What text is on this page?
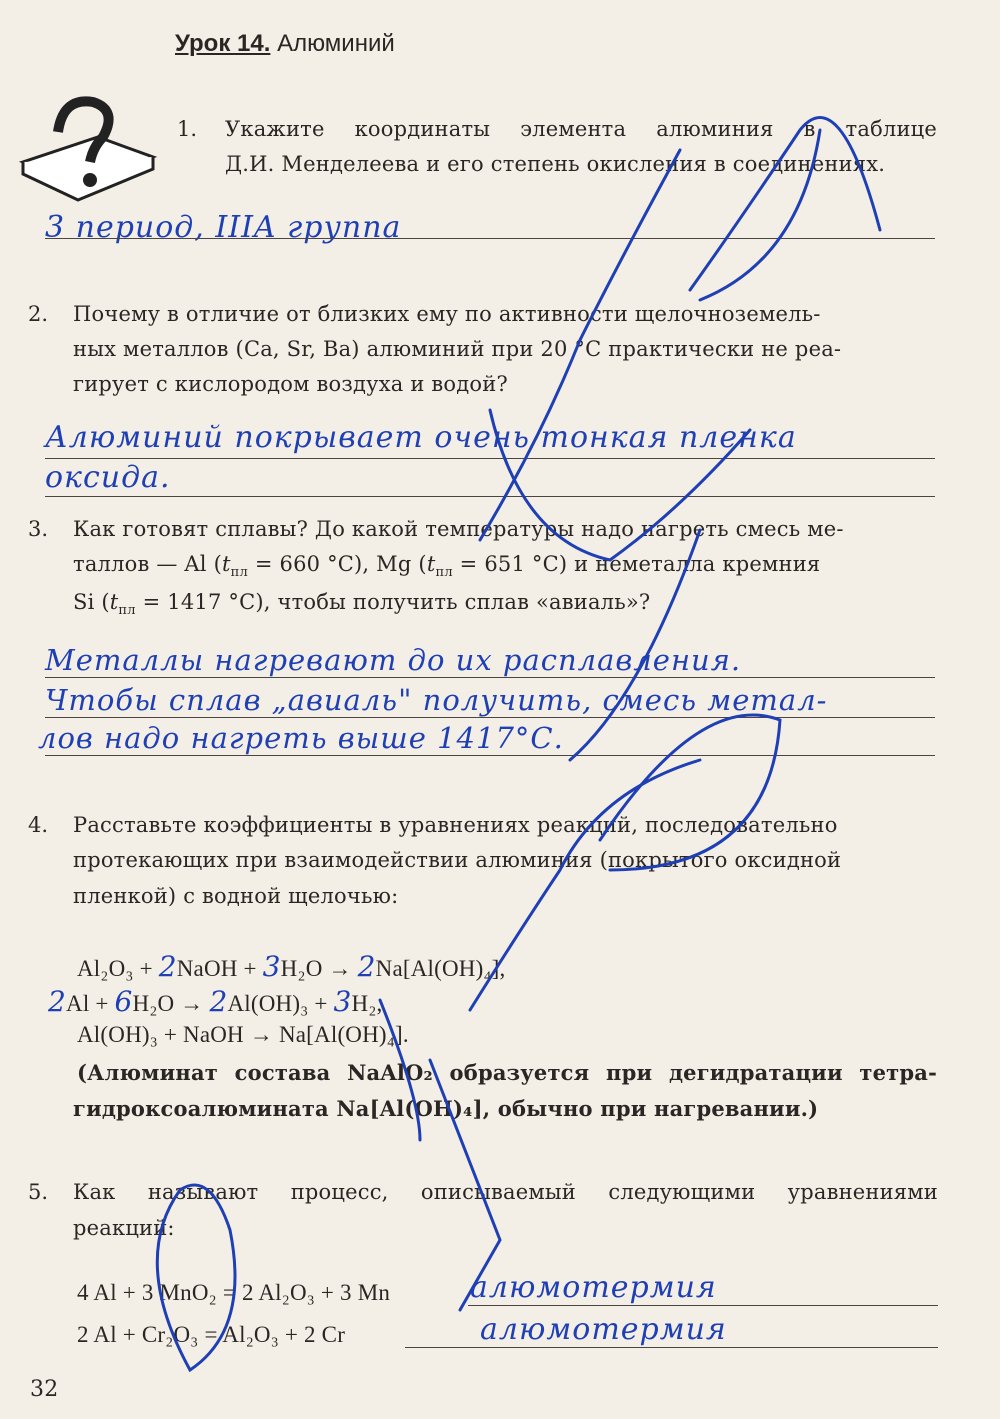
Урок 14. Алюминий
1. Укажите координаты элемента алюминия в таблице
Д.И. Менделеева и его степень окисления в соединениях.
3 период, IIIA группа
2. Почему в отличие от близких ему по активности щелочноземель-
ных металлов (Ca, Sr, Ba) алюминий при 20 °С практически не реа-
гирует с кислородом воздуха и водой?
Алюминий покрывает очень тонкая пленка
оксида.
3. Как готовят сплавы? До какой температуры надо нагреть смесь ме-
таллов — Al ($t_{пл} = 660$ °С), Mg ($t_{пл} = 651$ °С) и неметалла кремния
Si ($t_{пл} = 1417$ °С), чтобы получить сплав «авиаль»?
Металлы нагревают до их расплавления.
Чтобы сплав „авиаль" получить, смесь метал-
лов надо нагреть выше 1417°С.
4. Расставьте коэффициенты в уравнениях реакций, последовательно
протекающих при взаимодействии алюминия (покрытого оксидной
пленкой) с водной щелочью:
Al₂O₃ + 2NaOH + 3H₂O → 2Na[Al(OH)₄],
2Al + 6H₂O → 2Al(OH)₃ + 3H₂,
Al(OH)₃ + NaOH → Na[Al(OH)₄].
(Алюминат состава NaAlO₂ образуется при дегидратации тетра-
гидроксоалюмината Na[Al(OH)₄], обычно при нагревании.)
5. Как называют процесс, описываемый следующими уравнениями
реакций:
4 Al + 3 MnO₂ = 2 Al₂O₃ + 3 Mn	алюмотермия
2 Al + Cr₂O₃ = Al₂O₃ + 2 Cr	алюмотермия
32
